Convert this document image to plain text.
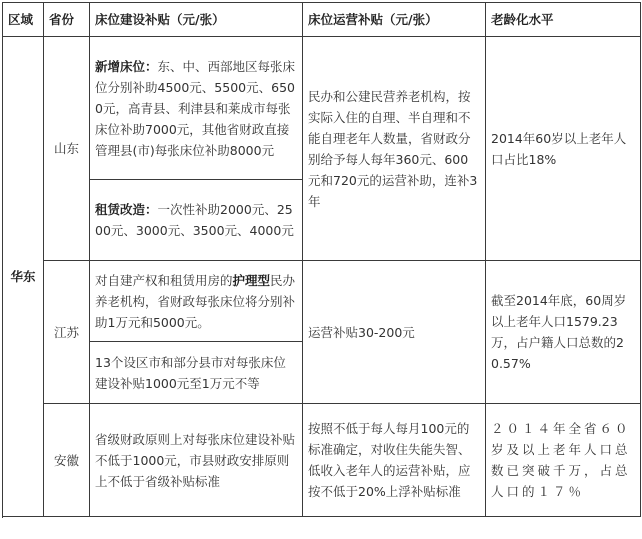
区域	省份	床位建设补贴（元/张）	床位运营补贴（元/张）	老龄化水平
华东	山东	新增床位：东、中、西部地区每张床位分别补助4500元、5500元、6500元，高青县、利津县和莱成市每张床位补助7000元，其他省财政直接管理县(市)每张床位补助8000元	民办和公建民营养老机构，按实际入住的自理、半自理和不能自理老年人数量，省财政分别给予每人每年360元、600元和720元的运营补助，连补3年	2014年60岁以上老年人口占比18%
		租赁改造：一次性补助2000元、2500元、3000元、3500元、4000元		
	江苏	对自建产权和租赁用房的护理型民办养老机构，省财政每张床位将分别补助1万元和5000元。	运营补贴30-200元	截至2014年底，60周岁以上老年人口1579.23万，占户籍人口总数的20.57%
		13个设区市和部分县市对每张床位建设补贴1000元至1万元不等		
	安徽	省级财政原则上对每张床位建设补贴不低于1000元，市县财政安排原则上不低于省级补贴标准	按照不低于每人每月100元的标准确定，对收住失能失智、低收入老年人的运营补贴，应按不低于20%上浮补贴标准	２０１４年全省６０岁及以上老年人口总数已突破千万，占总人口的１７％
